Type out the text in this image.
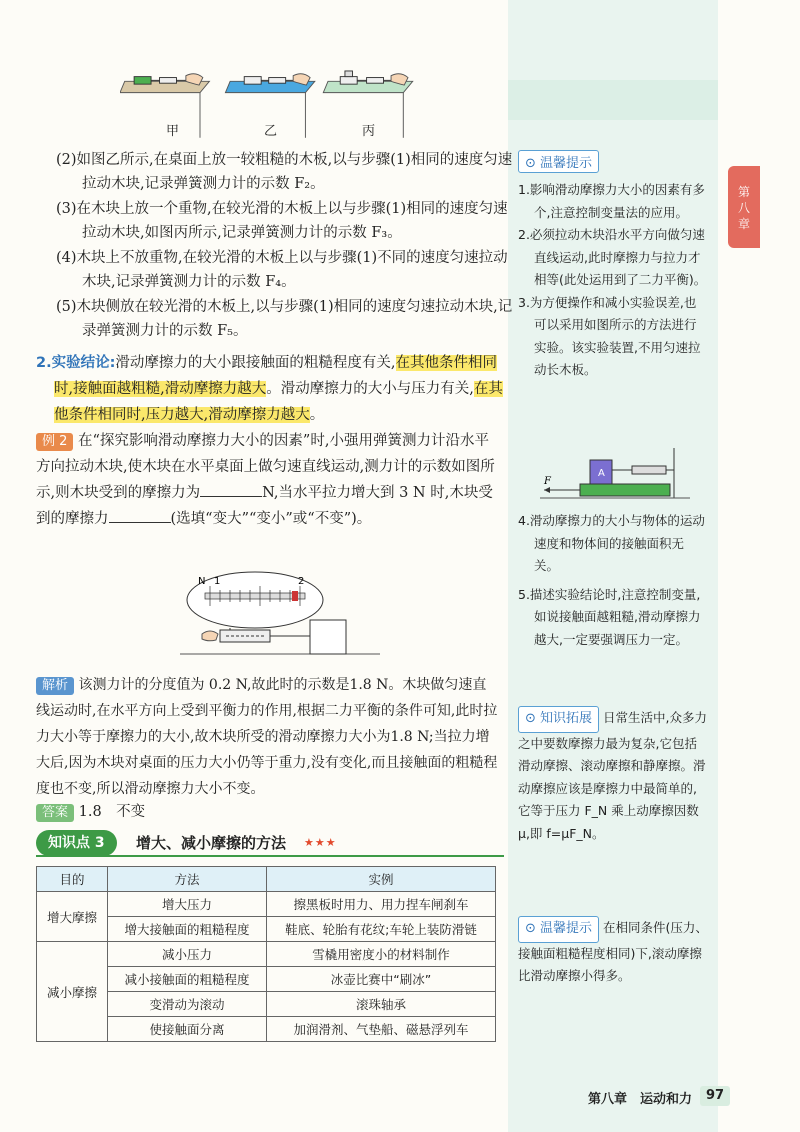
第八章
甲	乙	丙
(2)如图乙所示,在桌面上放一较粗糙的木板,以与步骤(1)相同的速度匀速拉动木块,记录弹簧测力计的示数 F₂。
(3)在木块上放一个重物,在较光滑的木板上以与步骤(1)相同的速度匀速拉动木块,如图丙所示,记录弹簧测力计的示数 F₃。
(4)木块上不放重物,在较光滑的木板上以与步骤(1)不同的速度匀速拉动木块,记录弹簧测力计的示数 F₄。
(5)木块侧放在较光滑的木板上,以与步骤(1)相同的速度匀速拉动木块,记录弹簧测力计的示数 F₅。
2.实验结论:滑动摩擦力的大小跟接触面的粗糙程度有关,在其他条件相同时,接触面越粗糙,滑动摩擦力越大。滑动摩擦力的大小与压力有关,在其他条件相同时,压力越大,滑动摩擦力越大。
例 2 在“探究影响滑动摩擦力大小的因素”时,小强用弹簧测力计沿水平方向拉动木块,使木块在水平桌面上做匀速直线运动,测力计的示数如图所示,则木块受到的摩擦力为	N,当水平拉力增大到 3 N 时,木块受到的摩擦力	(选填“变大”“变小”或“不变”)。
N 1	2
解析 该测力计的分度值为 0.2 N,故此时的示数是1.8 N。木块做匀速直线运动时,在水平方向上受到平衡力的作用,根据二力平衡的条件可知,此时拉力大小等于摩擦力的大小,故木块所受的滑动摩擦力大小为1.8 N;当拉力增大后,因为木块对桌面的压力大小仍等于重力,没有变化,而且接触面的粗糙程度也不变,所以滑动摩擦力大小不变。
答案 1.8　不变
知识点 3	增大、减小摩擦的方法 ★★★
目的	方法	实例
增大摩擦	增大压力	擦黑板时用力、用力捏车闸刹车
	增大接触面的粗糙程度	鞋底、轮胎有花纹;车轮上装防滑链
减小摩擦	减小压力	雪橇用密度小的材料制作
	减小接触面的粗糙程度	冰壶比赛中“刷冰”
	变滑动为滚动	滚珠轴承
	使接触面分离	加润滑剂、气垫船、磁悬浮列车
⊙ 温馨提示

1.影响滑动摩擦力大小的因素有多个,注意控制变量法的应用。

2.必须拉动木块沿水平方向做匀速直线运动,此时摩擦力与拉力才相等(此处运用到了二力平衡)。

3.为方便操作和减小实验误差,也可以采用如图所示的方法进行实验。该实验装置,不用匀速拉动长木板。

A
F

4.滑动摩擦力的大小与物体的运动速度和物体间的接触面积无关。

5.描述实验结论时,注意控制变量,如说接触面越粗糙,滑动摩擦力越大,一定要强调压力一定。

⊙ 知识拓展 日常生活中,众多力之中要数摩擦力最为复杂,它包括滑动摩擦、滚动摩擦和静摩擦。滑动摩擦应该是摩擦力中最简单的,它等于压力 F_N 乘上动摩擦因数μ,即 f=μF_N。

⊙ 温馨提示 在相同条件(压力、接触面粗糙程度相同)下,滚动摩擦比滑动摩擦小得多。

第八章　运动和力	97
